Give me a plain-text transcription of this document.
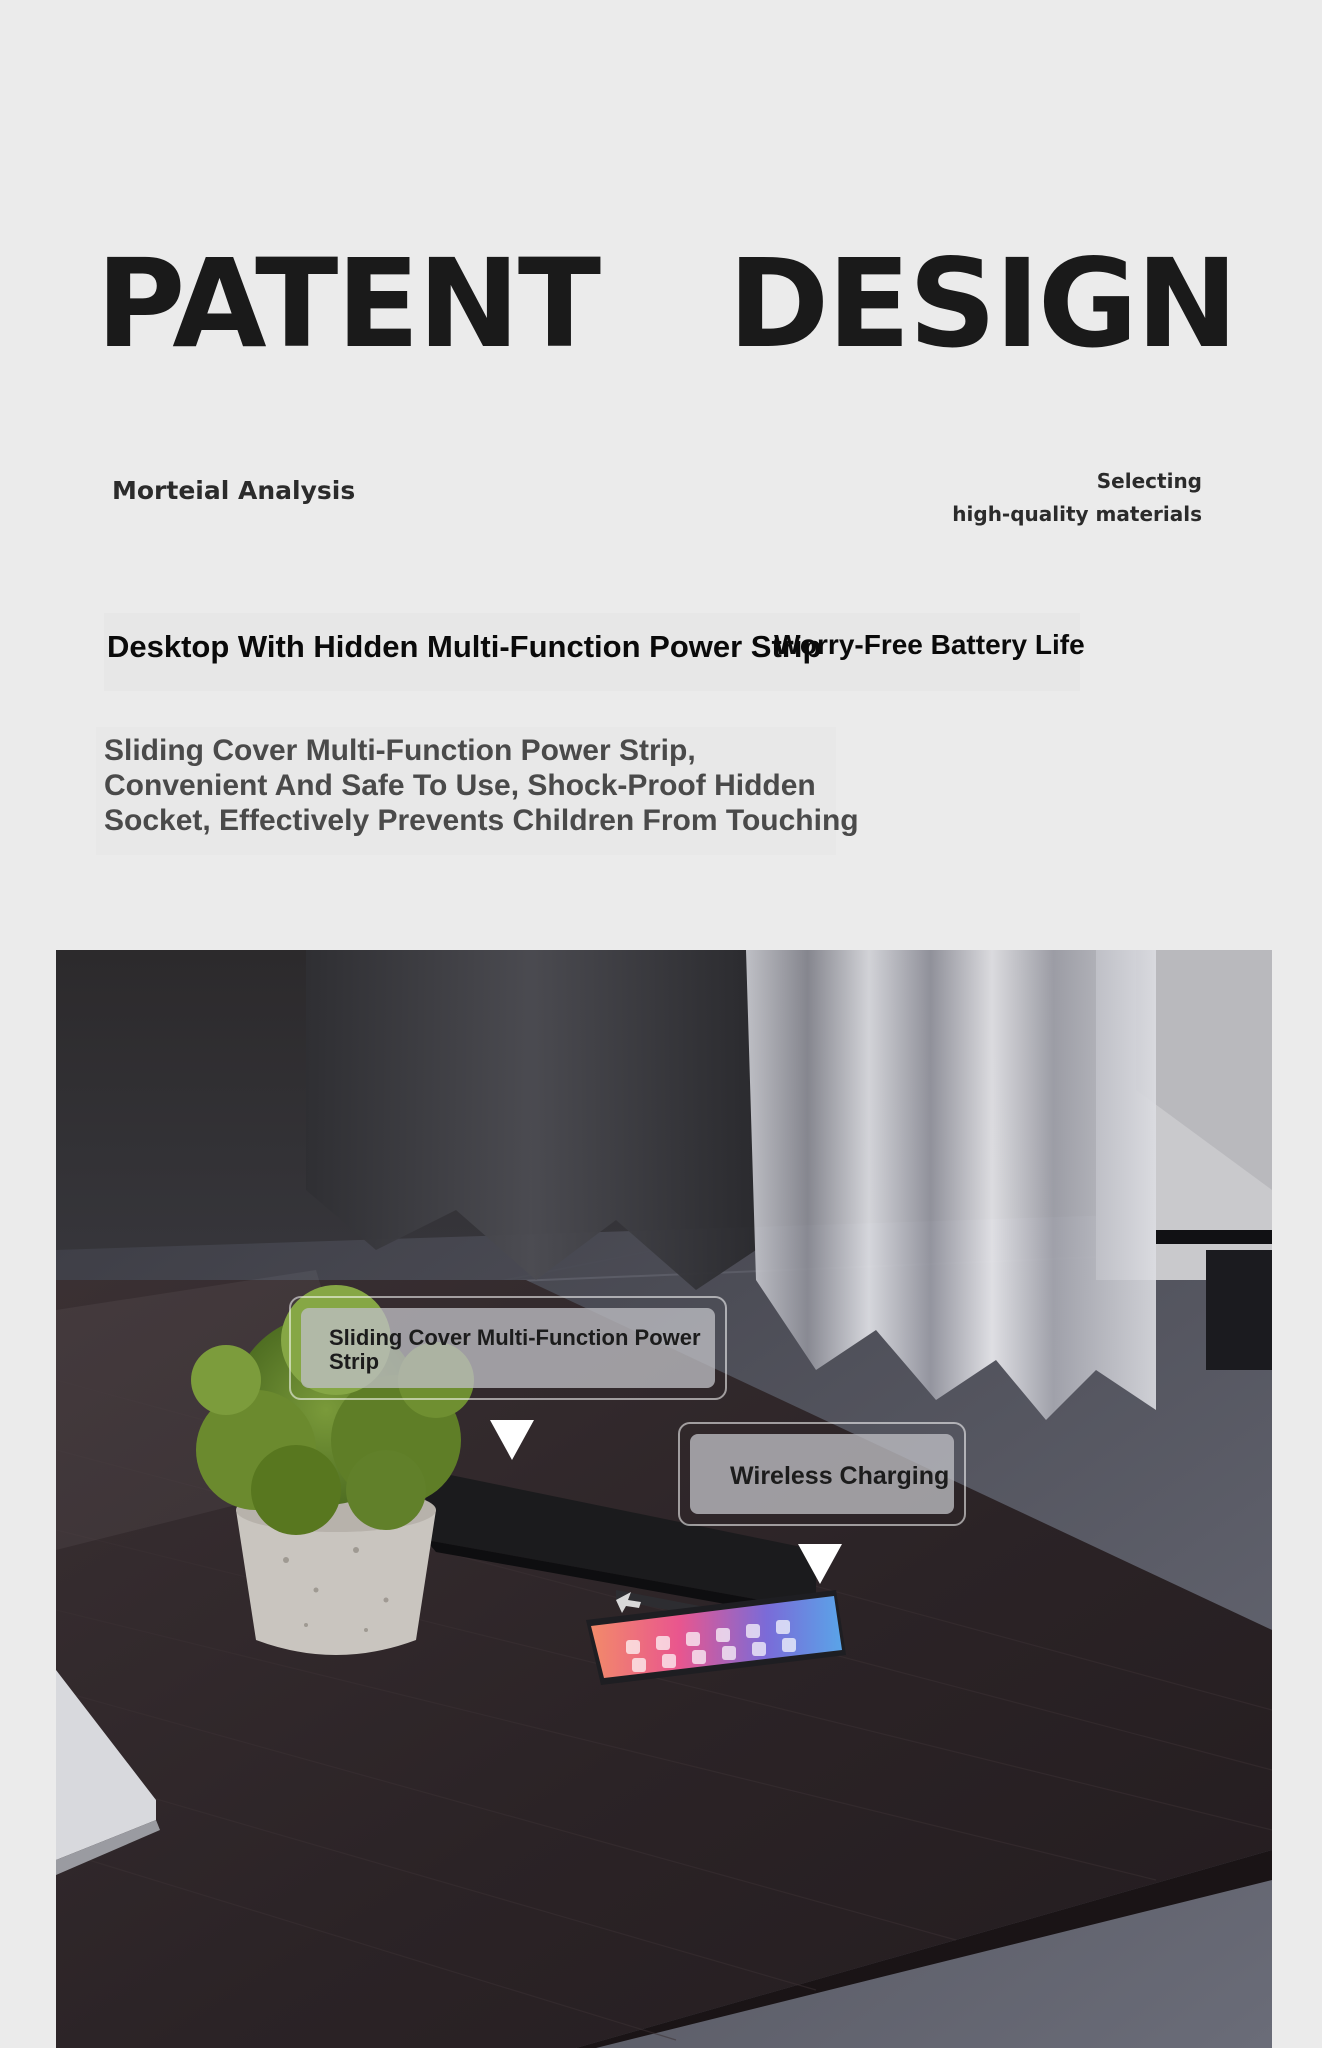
PATENT DESIGN
Morteial Analysis	Selecting
high-quality materials
Desktop With Hidden Multi-Function Power Strip
Worry-Free Battery Life
Sliding Cover Multi-Function Power Strip,
Convenient And Safe To Use, Shock-Proof Hidden
Socket, Effectively Prevents Children From Touching
Sliding Cover Multi-Function Power Strip
Wireless Charging
